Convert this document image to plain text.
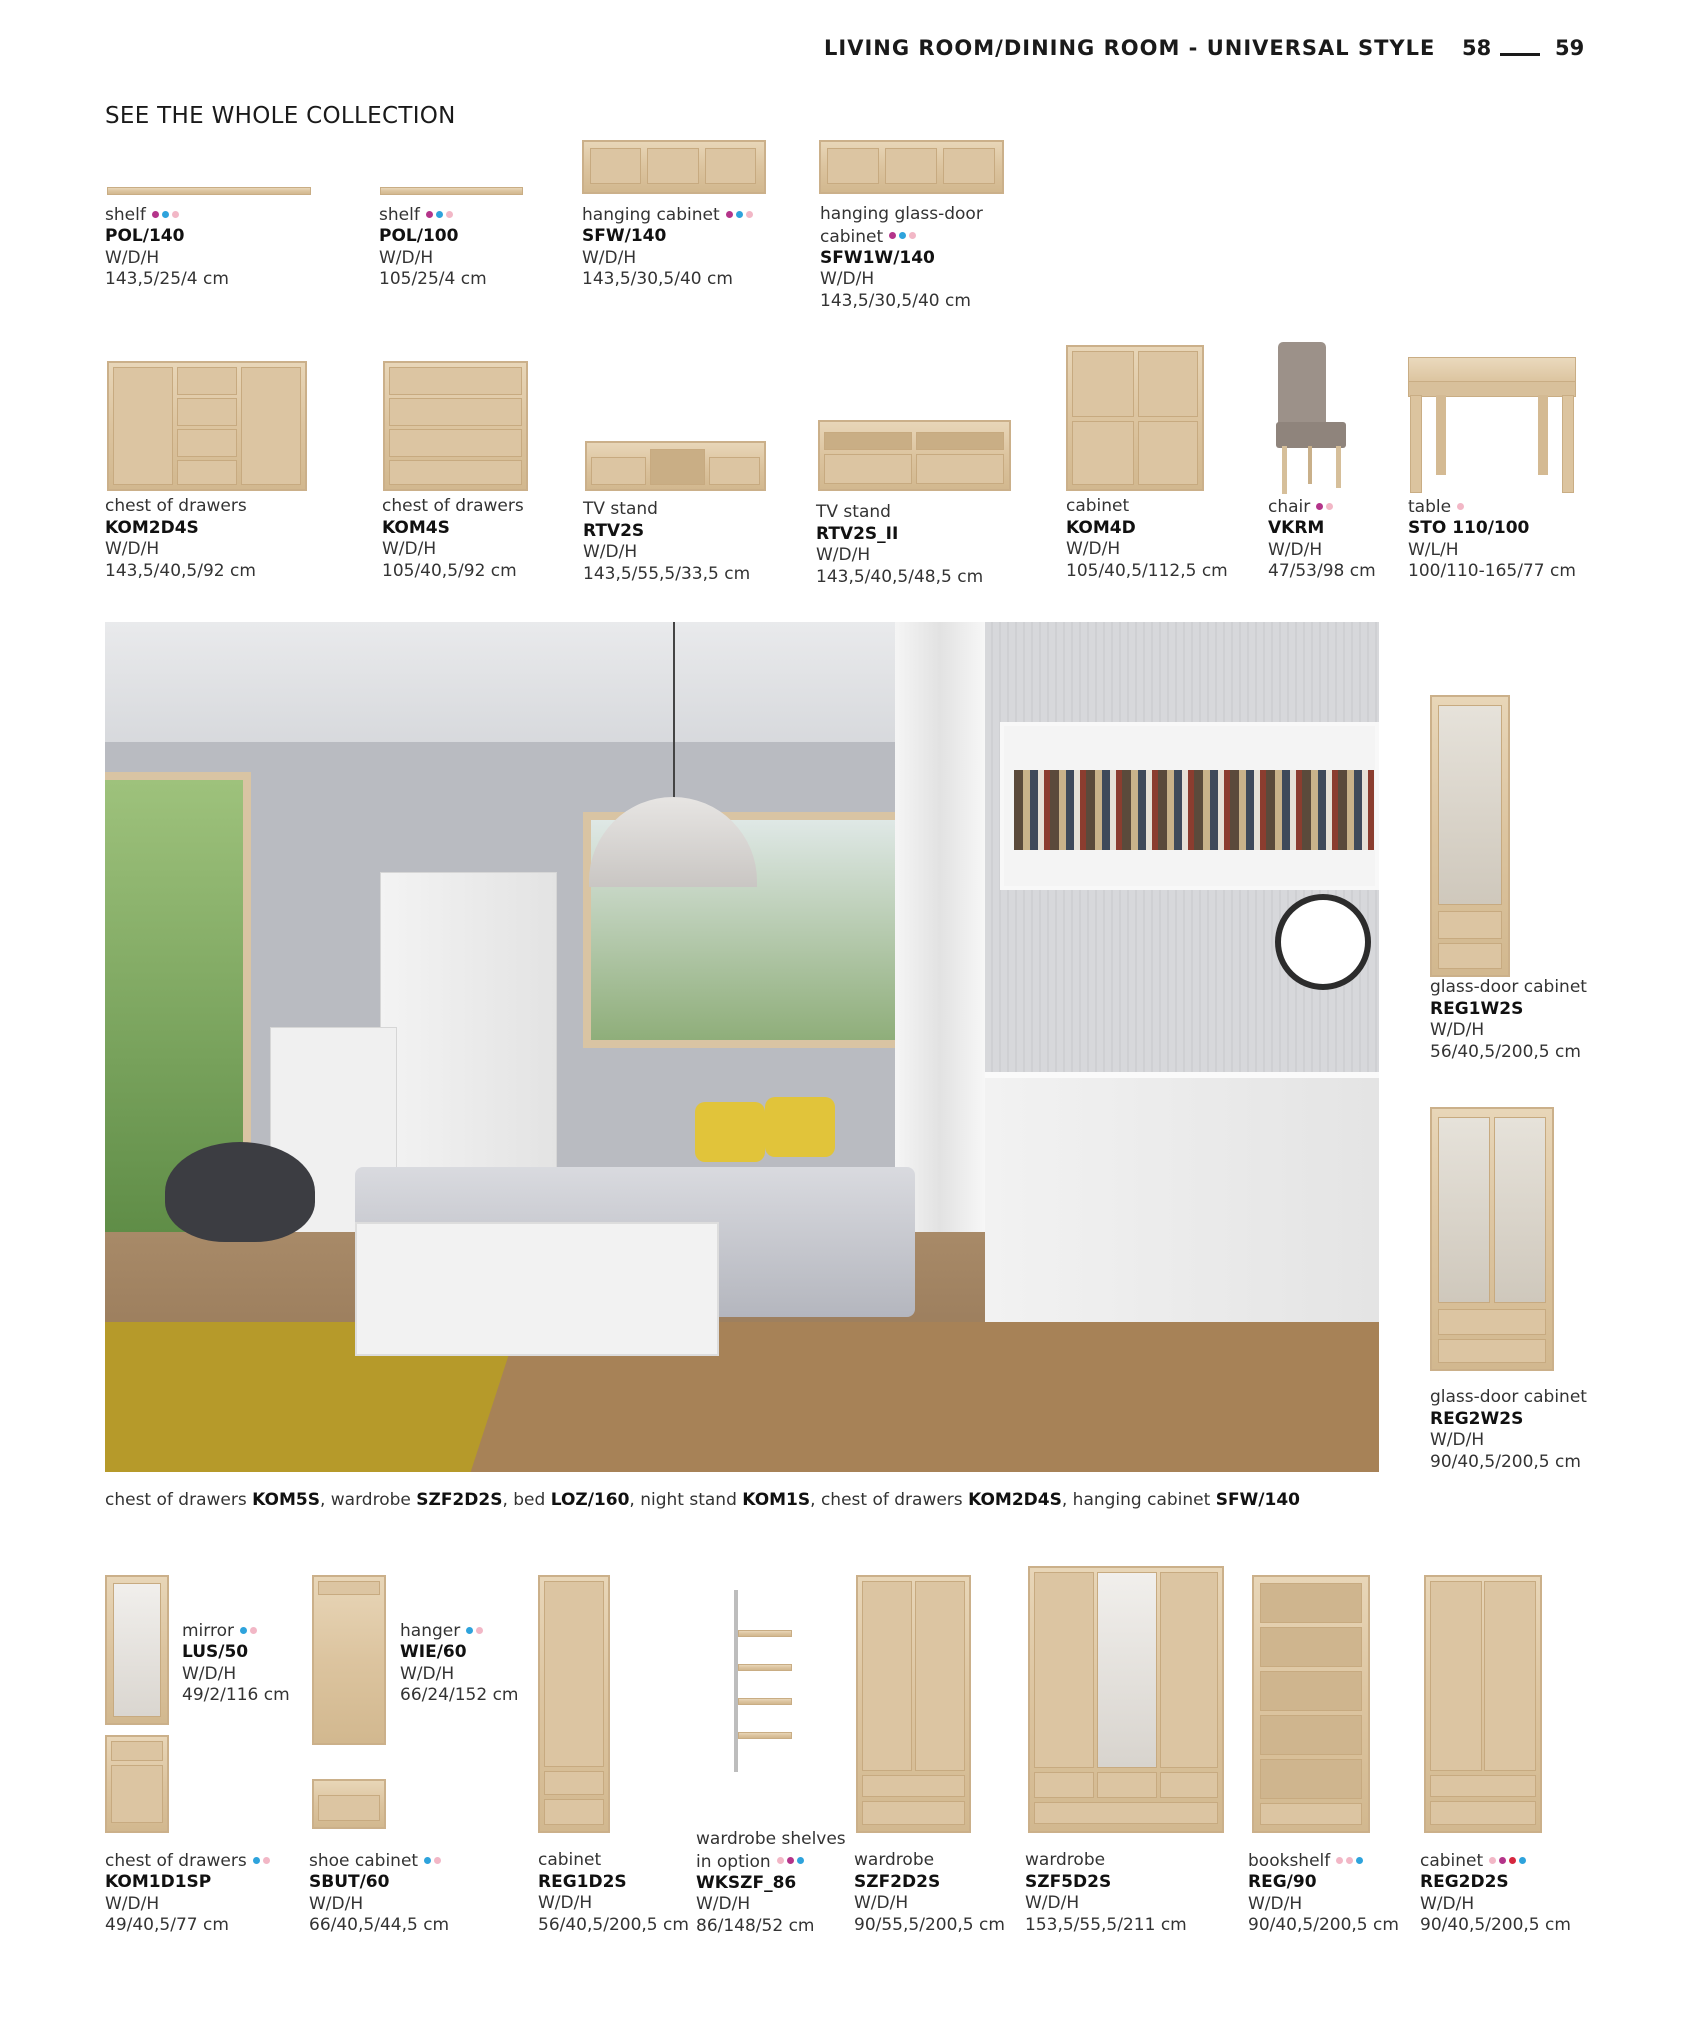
LIVING ROOM/DINING ROOM - UNIVERSAL STYLE 58	59
SEE THE WHOLE COLLECTION
shelf
POL/140
W/D/H
143,5/25/4 cm
shelf
POL/100
W/D/H
105/25/4 cm
hanging cabinet
SFW/140
W/D/H
143,5/30,5/40 cm
hanging glass-door
cabinet
SFW1W/140
W/D/H
143,5/30,5/40 cm
chest of drawers
KOM2D4S
W/D/H
143,5/40,5/92 cm
chest of drawers
KOM4S
W/D/H
105/40,5/92 cm
TV stand
RTV2S
W/D/H
143,5/55,5/33,5 cm
TV stand
RTV2S_II
W/D/H
143,5/40,5/48,5 cm
cabinet
KOM4D
W/D/H
105/40,5/112,5 cm
chair
VKRM
W/D/H
47/53/98 cm
table
STO 110/100
W/L/H
100/110-165/77 cm
chest of drawers KOM5S, wardrobe SZF2D2S, bed LOZ/160, night stand KOM1S, chest of drawers KOM2D4S, hanging cabinet SFW/140
glass-door cabinet
REG1W2S
W/D/H
56/40,5/200,5 cm
glass-door cabinet
REG2W2S
W/D/H
90/40,5/200,5 cm
mirror
LUS/50
W/D/H
49/2/116 cm
hanger
WIE/60
W/D/H
66/24/152 cm
chest of drawers
KOM1D1SP
W/D/H
49/40,5/77 cm
shoe cabinet
SBUT/60
W/D/H
66/40,5/44,5 cm
cabinet
REG1D2S
W/D/H
56/40,5/200,5 cm
wardrobe shelves
in option
WKSZF_86
W/D/H
86/148/52 cm
wardrobe
SZF2D2S
W/D/H
90/55,5/200,5 cm
wardrobe
SZF5D2S
W/D/H
153,5/55,5/211 cm
bookshelf
REG/90
W/D/H
90/40,5/200,5 cm
cabinet
REG2D2S
W/D/H
90/40,5/200,5 cm
